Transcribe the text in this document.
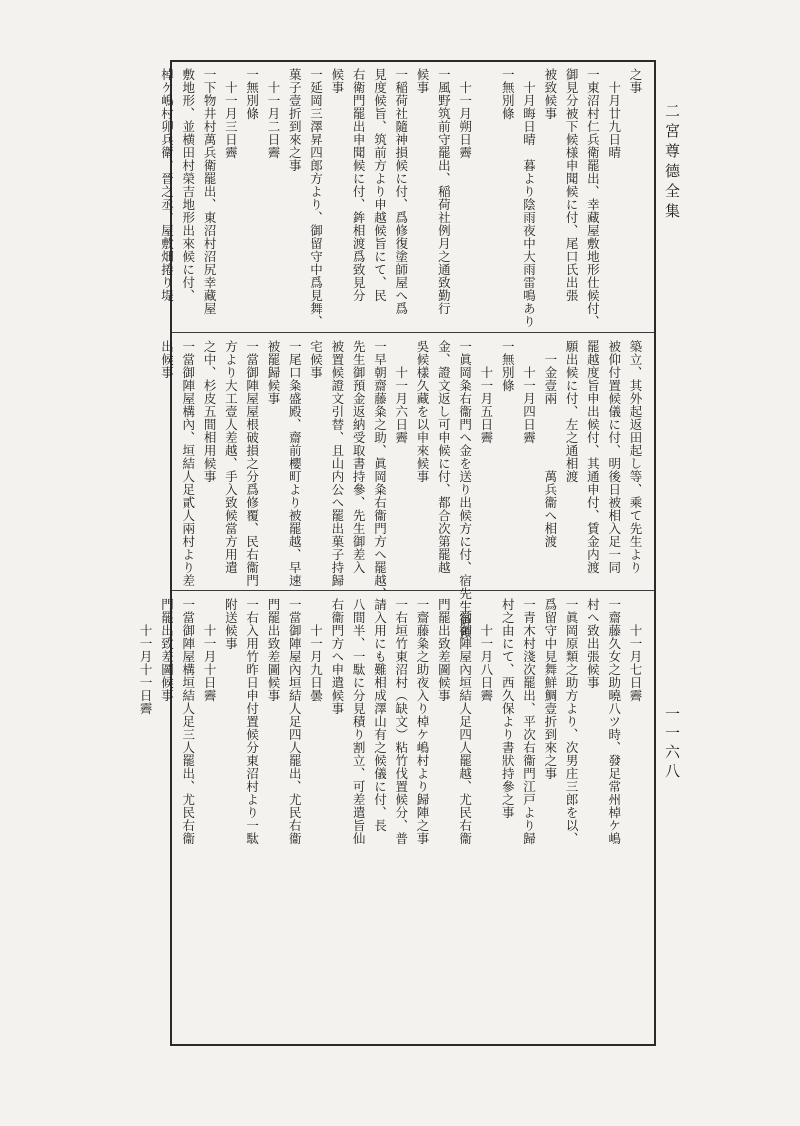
二宮尊德全集
一一六八
之事
　十月廿九日晴
一東沼村仁兵衛罷出、幸藏屋敷地形仕候付、
御見分被下候様申聞候に付、尾口氏出張
被致候事
　十月晦日晴　暮より陰雨夜中大雨雷鳴あり
一無別條

　十一月朔日霽
一風野筑前守罷出、稲荷社例月之通致勤行
候事
一稲荷社隨神損候に付、爲修復塗師屋へ爲
見度候旨、筑前方より申越候旨にて、民
右衛門罷出申聞候に付、鉾相渡爲致見分
候事
一延岡三澤昇四郎方より、御留守中爲見舞、
菓子壹折到來之事
　十一月二日霽
一無別條
　十一月三日霽
一下物井村萬兵衛罷出、東沼村沼尻幸藏屋
敷地形、並横田村榮吉地形出來候に付、
棹ケ嶋村卯兵衛、晉之丞、屋敷畑捲り堤
築立、其外起返田起し等、乘て先生より
被仰付置候儀に付、明後日被相入足一同
罷越度旨申出候付、其通申付、賃金内渡
願出候に付、左之通相渡
　一金壹兩　　　　　萬兵衞へ相渡
　　十一月四日霽
一無別條
　　十一月五日霽
一眞岡粂右衞門へ金を送り出候方に付、宿先生御預
金、證文返し可申候に付、都合次第罷越
吳候樣久藏を以申來候事
　　十一月六日霽
一早朝齋藤粂之助、眞岡粂右衞門方へ罷越、
先生御預金返納受取書持參、先生御差入
被置候證文引替、且山内公へ罷出菓子持歸
宅候事
一尾口粂盛殿、齋前櫻町より被罷越、早速
被罷歸候事
一當御陣屋屋根破損之分爲修覆、民右衞門
方より大工壹人差越、手入致候當方用遣
之中、杉皮五間相用候事
一當御陣屋構內、垣結人足貳人兩村より差
出候事
　　十一月七日霽
一齋藤久女之助曉八ツ時、發足常州棹ケ嶋
村へ致出張候事
一眞岡原類之助方より、次男庄三郎を以、
爲留守中見舞鮮鯛壹折到來之事
一青木村淺次罷出、平次右衞門江戸より歸
村之由にて、西久保より書狀持參之事
　　十一月八日霽
一當御陣屋內垣結人足四人罷越、尤民右衞
門罷出致差圖候事
一齋藤粂之助夜入り棹ケ嶋村より歸陣之事
一右垣竹東沼村（缺文）粘竹伐置候分、普
請入用にも難相成澤山有之候儀に付、長
八間半、一駄に分見積り割立、可差遣旨仙
右衞門方へ申遣候事
　　十一月九日曇
一當御陣屋內垣結人足四人罷出、尤民右衞
門罷出致差圖候事
一右入用竹昨日申付置候分東沼村より一駄
附送候事
　　十一月十日霽
一當御陣屋構垣結人足三人罷出、尤民右衞
門罷出致差圖候事
　　十一月十一日霽
